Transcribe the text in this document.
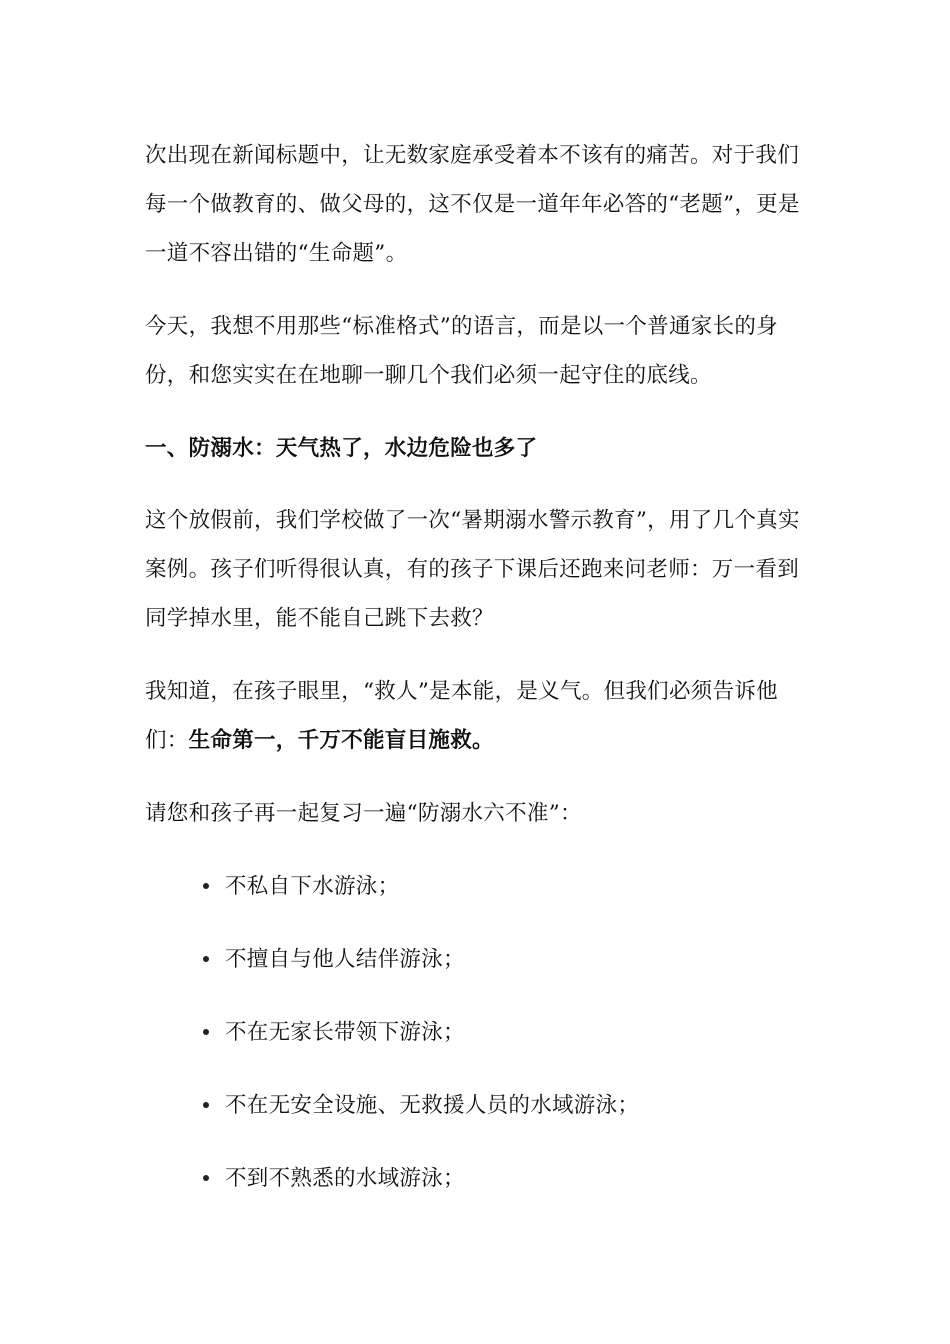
次出现在新闻标题中，让无数家庭承受着本不该有的痛苦。对于我们每一个做教育的、做父母的，这不仅是一道年年必答的“老题”，更是一道不容出错的“生命题”。

今天，我想不用那些“标准格式”的语言，而是以一个普通家长的身份，和您实实在在地聊一聊几个我们必须一起守住的底线。

一、防溺水：天气热了，水边危险也多了

这个放假前，我们学校做了一次“暑期溺水警示教育”，用了几个真实案例。孩子们听得很认真，有的孩子下课后还跑来问老师：万一看到同学掉水里，能不能自己跳下去救？

我知道，在孩子眼里，“救人”是本能，是义气。但我们必须告诉他们：生命第一，千万不能盲目施救。

请您和孩子再一起复习一遍“防溺水六不准”：

不私自下水游泳；
不擅自与他人结伴游泳；
不在无家长带领下游泳；
不在无安全设施、无救援人员的水域游泳；
不到不熟悉的水域游泳；
